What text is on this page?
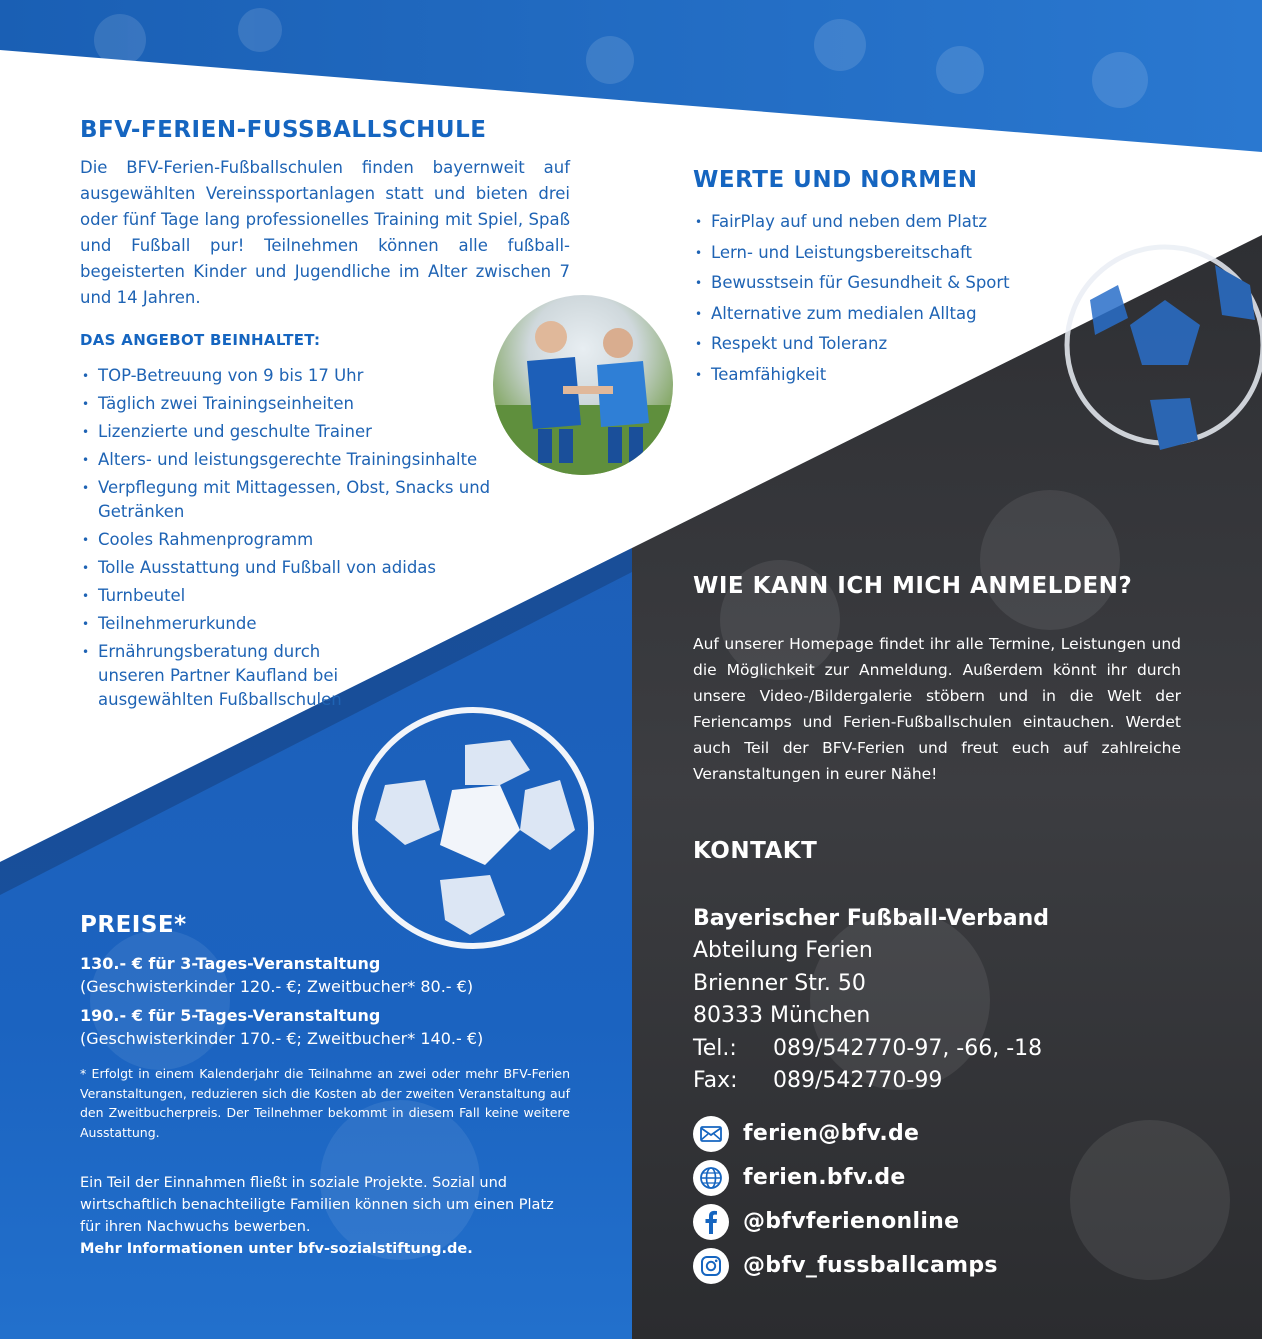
BFV-FERIEN-FUSSBALLSCHULE

Die BFV-Ferien-Fußballschulen finden bayernweit auf ausgewählten Vereinssportanlagen statt und bieten drei oder fünf Tage lang professionelles Training mit Spiel, Spaß und Fußball pur! Teilnehmen können alle fußball-begeisterten Kinder und Jugendliche im Alter zwischen 7 und 14 Jahren.

DAS ANGEBOT BEINHALTET:
• TOP-Betreuung von 9 bis 17 Uhr
• Täglich zwei Trainingseinheiten
• Lizenzierte und geschulte Trainer
• Alters- und leistungsgerechte Trainingsinhalte
• Verpflegung mit Mittagessen, Obst, Snacks und Getränken
• Cooles Rahmenprogramm
• Tolle Ausstattung und Fußball von adidas
• Turnbeutel
• Teilnehmerurkunde
• Ernährungsberatung durch unseren Partner Kaufland bei ausgewählten Fußballschulen
WERTE UND NORMEN
• FairPlay auf und neben dem Platz
• Lern- und Leistungsbereitschaft
• Bewusstsein für Gesundheit & Sport
• Alternative zum medialen Alltag
• Respekt und Toleranz
• Teamfähigkeit
PREISE*
130.- € für 3-Tages-Veranstaltung
(Geschwisterkinder 120.- €; Zweitbucher* 80.- €)
190.- € für 5-Tages-Veranstaltung
(Geschwisterkinder 170.- €; Zweitbucher* 140.- €)

* Erfolgt in einem Kalenderjahr die Teilnahme an zwei oder mehr BFV-Ferien Veranstaltungen, reduzieren sich die Kosten ab der zweiten Veranstaltung auf den Zweitbucherpreis. Der Teilnehmer bekommt in diesem Fall keine weitere Ausstattung.

Ein Teil der Einnahmen fließt in soziale Projekte. Sozial und wirtschaftlich benachteiligte Familien können sich um einen Platz für ihren Nachwuchs bewerben.

Mehr Informationen unter bfv-sozialstiftung.de.
WIE KANN ICH MICH ANMELDEN?

Auf unserer Homepage findet ihr alle Termine, Leistungen und die Möglichkeit zur Anmeldung. Außerdem könnt ihr durch unsere Video-/Bildergalerie stöbern und in die Welt der Feriencamps und Ferien-Fußballschulen eintauchen. Werdet auch Teil der BFV-Ferien und freut euch auf zahlreiche Veranstaltungen in eurer Nähe!

KONTAKT
Bayerischer Fußball-Verband
Abteilung Ferien
Brienner Str. 50
80333 München
Tel.:	089/542770-97, -66, -18
Fax:	089/542770-99
ferien@bfv.de
ferien.bfv.de
@bfvferienonline
@bfv_fussballcamps
